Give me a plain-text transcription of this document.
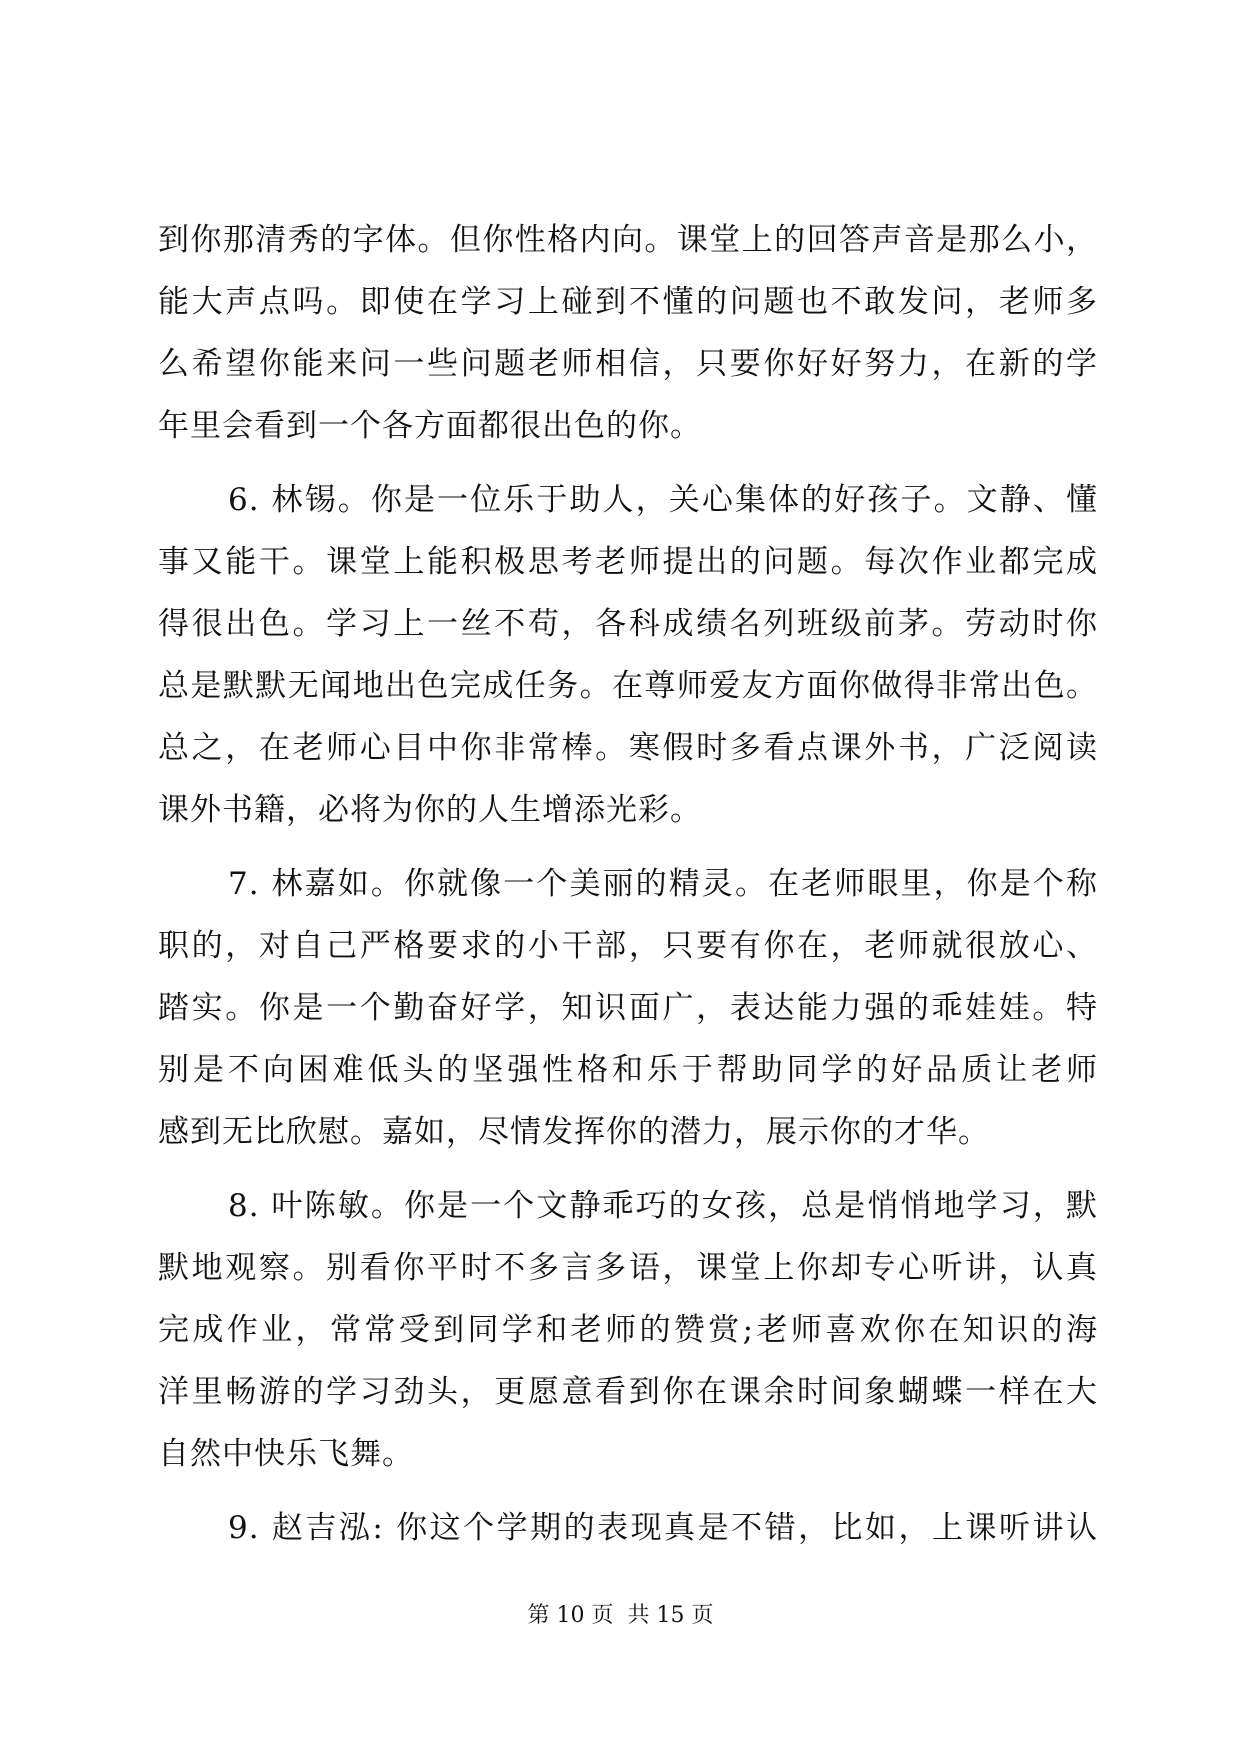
到你那清秀的字体。但你性格内向。课堂上的回答声音是那么小，
能大声点吗。即使在学习上碰到不懂的问题也不敢发问，老师多
么希望你能来问一些问题老师相信，只要你好好努力，在新的学
年里会看到一个各方面都很出色的你。
6. 林锡。你是一位乐于助人，关心集体的好孩子。文静、懂
事又能干。课堂上能积极思考老师提出的问题。每次作业都完成
得很出色。学习上一丝不苟，各科成绩名列班级前茅。劳动时你
总是默默无闻地出色完成任务。在尊师爱友方面你做得非常出色。
总之，在老师心目中你非常棒。寒假时多看点课外书，广泛阅读
课外书籍，必将为你的人生增添光彩。
7. 林嘉如。你就像一个美丽的精灵。在老师眼里，你是个称
职的，对自己严格要求的小干部，只要有你在，老师就很放心、
踏实。你是一个勤奋好学，知识面广，表达能力强的乖娃娃。特
别是不向困难低头的坚强性格和乐于帮助同学的好品质让老师
感到无比欣慰。嘉如，尽情发挥你的潜力，展示你的才华。
8. 叶陈敏。你是一个文静乖巧的女孩，总是悄悄地学习，默
默地观察。别看你平时不多言多语，课堂上你却专心听讲，认真
完成作业，常常受到同学和老师的赞赏;老师喜欢你在知识的海
洋里畅游的学习劲头，更愿意看到你在课余时间象蝴蝶一样在大
自然中快乐飞舞。
9. 赵吉泓: 你这个学期的表现真是不错，比如，上课听讲认
第 10 页  共 15 页
